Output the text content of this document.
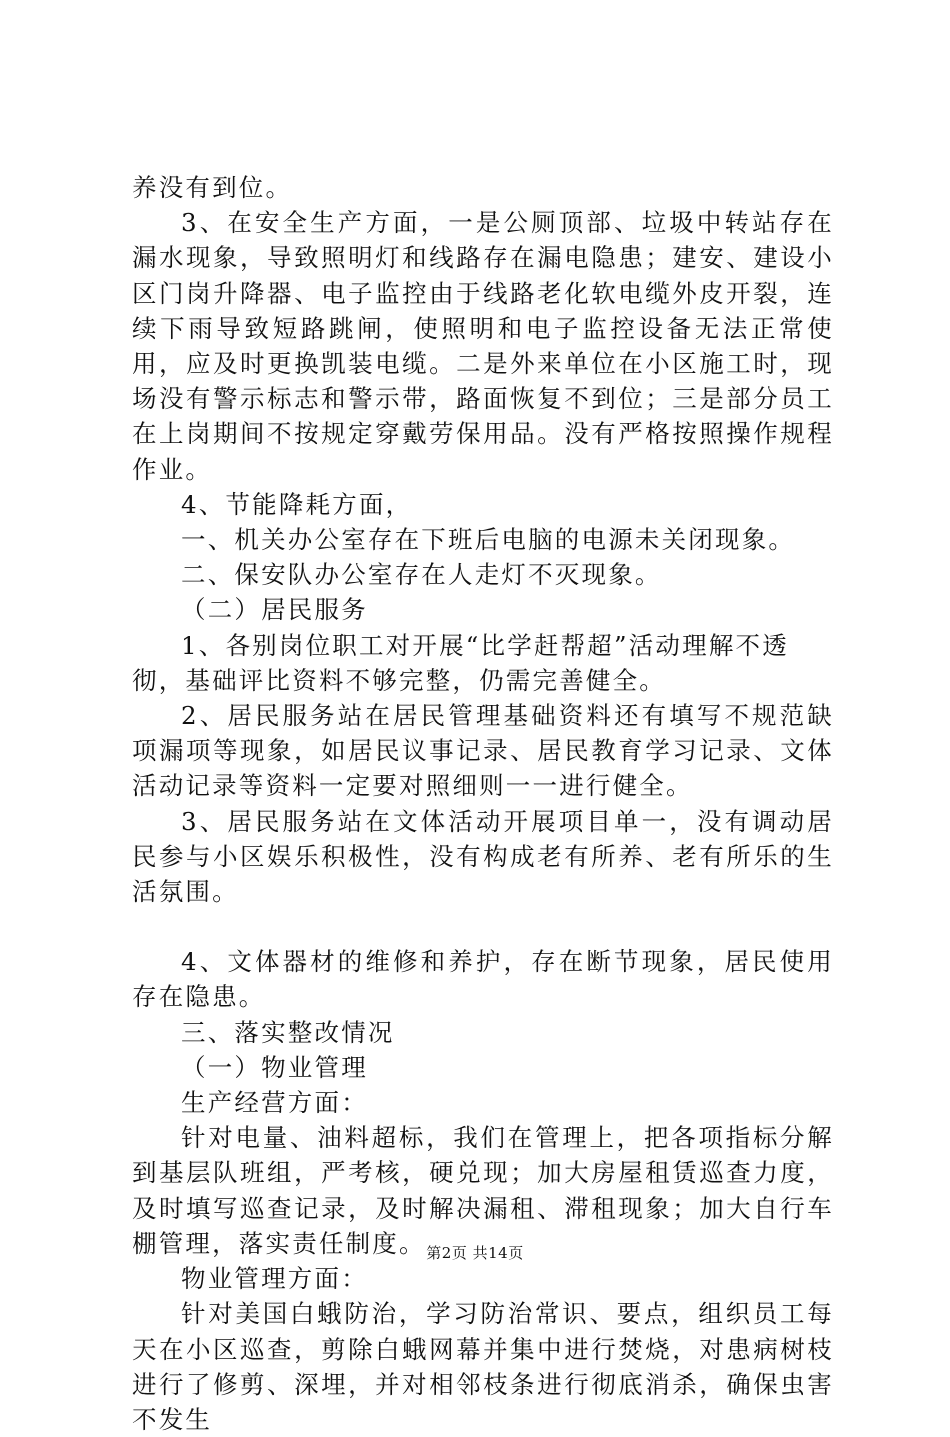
养没有到位。

3、在安全生产方面，一是公厕顶部、垃圾中转站存在漏水现象，导致照明灯和线路存在漏电隐患；建安、建设小区门岗升降器、电子监控由于线路老化软电缆外皮开裂，连续下雨导致短路跳闸，使照明和电子监控设备无法正常使用，应及时更换凯装电缆。二是外来单位在小区施工时，现场没有警示标志和警示带，路面恢复不到位；三是部分员工在上岗期间不按规定穿戴劳保用品。没有严格按照操作规程作业。

4、节能降耗方面，

一、机关办公室存在下班后电脑的电源未关闭现象。

二、保安队办公室存在人走灯不灭现象。

（二）居民服务

1、各别岗位职工对开展“比学赶帮超”活动理解不透

彻，基础评比资料不够完整，仍需完善健全。

2、居民服务站在居民管理基础资料还有填写不规范缺项漏项等现象，如居民议事记录、居民教育学习记录、文体活动记录等资料一定要对照细则一一进行健全。

3、居民服务站在文体活动开展项目单一，没有调动居民参与小区娱乐积极性，没有构成老有所养、老有所乐的生活氛围。

4、文体器材的维修和养护，存在断节现象，居民使用存在隐患。

三、落实整改情况

（一）物业管理

生产经营方面：

针对电量、油料超标，我们在管理上，把各项指标分解到基层队班组，严考核，硬兑现；加大房屋租赁巡查力度，及时填写巡查记录，及时解决漏租、滞租现象；加大自行车棚管理，落实责任制度。

物业管理方面：

针对美国白蛾防治，学习防治常识、要点，组织员工每天在小区巡查，剪除白蛾网幕并集中进行焚烧，对患病树枝进行了修剪、深埋，并对相邻枝条进行彻底消杀，确保虫害不发生

第2页 共14页
